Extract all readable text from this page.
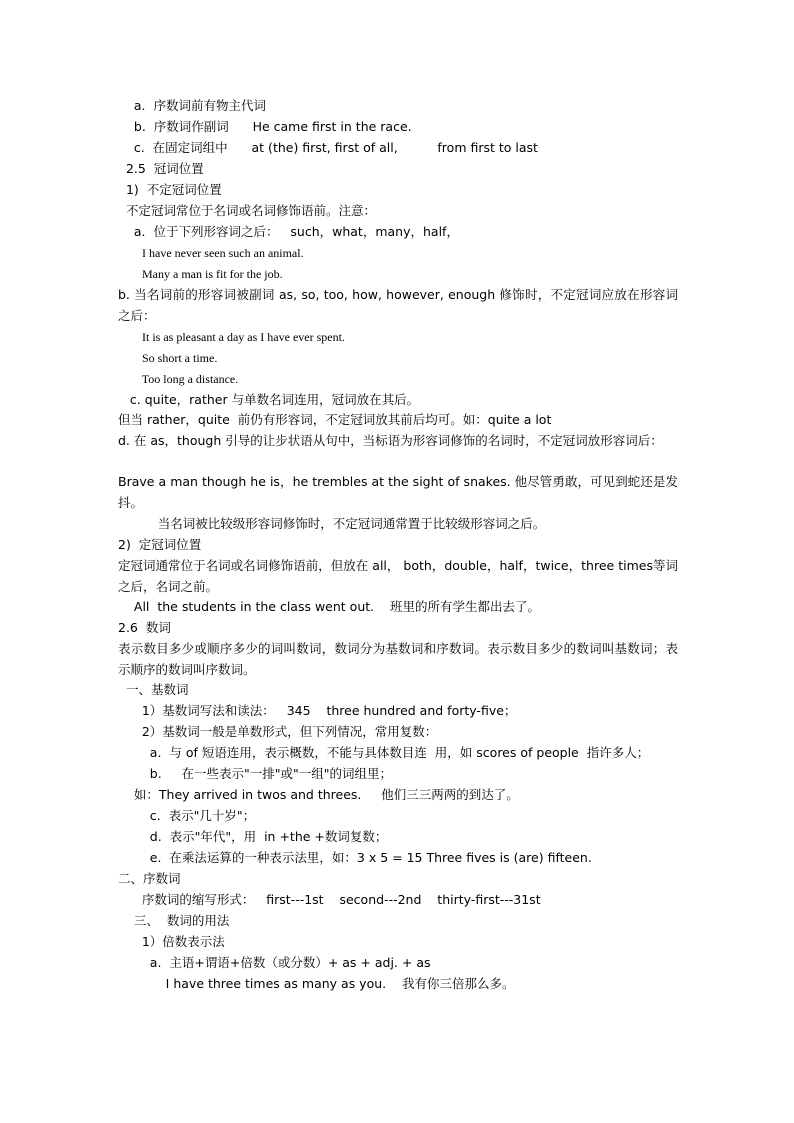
a.  序数词前有物主代词
b.  序数词作副词      He came first in the race.
c.  在固定词组中      at (the) first, first of all,          from first to last
2.5  冠词位置
1)  不定冠词位置
不定冠词常位于名词或名词修饰语前。注意：
a.  位于下列形容词之后：   such，what，many，half，
I have never seen such an animal.
Many a man is fit for the job.
b. 当名词前的形容词被副词 as, so, too, how, however, enough 修饰时，不定冠词应放在形容词之后：
It is as pleasant a day as I have ever spent.
So short a time.
Too long a distance.
c. quite，rather 与单数名词连用，冠词放在其后。
但当 rather，quite  前仍有形容词，不定冠词放其前后均可。如：quite a lot
d. 在 as，though 引导的让步状语从句中，当标语为形容词修饰的名词时，不定冠词放形容词后：
Brave a man though he is，he trembles at the sight of snakes. 他尽管勇敢，可见到蛇还是发抖。
当名词被比较级形容词修饰时，不定冠词通常置于比较级形容词之后。
2)  定冠词位置
定冠词通常位于名词或名词修饰语前，但放在 all， both，double，half，twice，three times等词之后，名词之前。
All  the students in the class went out.    班里的所有学生都出去了。
2.6  数词
表示数目多少或顺序多少的词叫数词，数词分为基数词和序数词。表示数目多少的数词叫基数词；表示顺序的数词叫序数词。
一、基数词
1）基数词写法和读法：   345    three hundred and forty-five；
2）基数词一般是单数形式，但下列情况，常用复数：
a.  与 of 短语连用，表示概数，不能与具体数目连  用，如 scores of people  指许多人；
b.     在一些表示"一排"或"一组"的词组里；
如：They arrived in twos and threes.     他们三三两两的到达了。
c.  表示"几十岁"；
d.  表示"年代"，用  in +the +数词复数；
e.  在乘法运算的一种表示法里，如：3 x 5 = 15 Three fives is (are) fifteen.
二、序数词
序数词的缩写形式：   first---1st    second---2nd    thirty-first---31st
三、  数词的用法
1）倍数表示法
a.  主语+谓语+倍数（或分数）+ as + adj. + as
I have three times as many as you.    我有你三倍那么多。
